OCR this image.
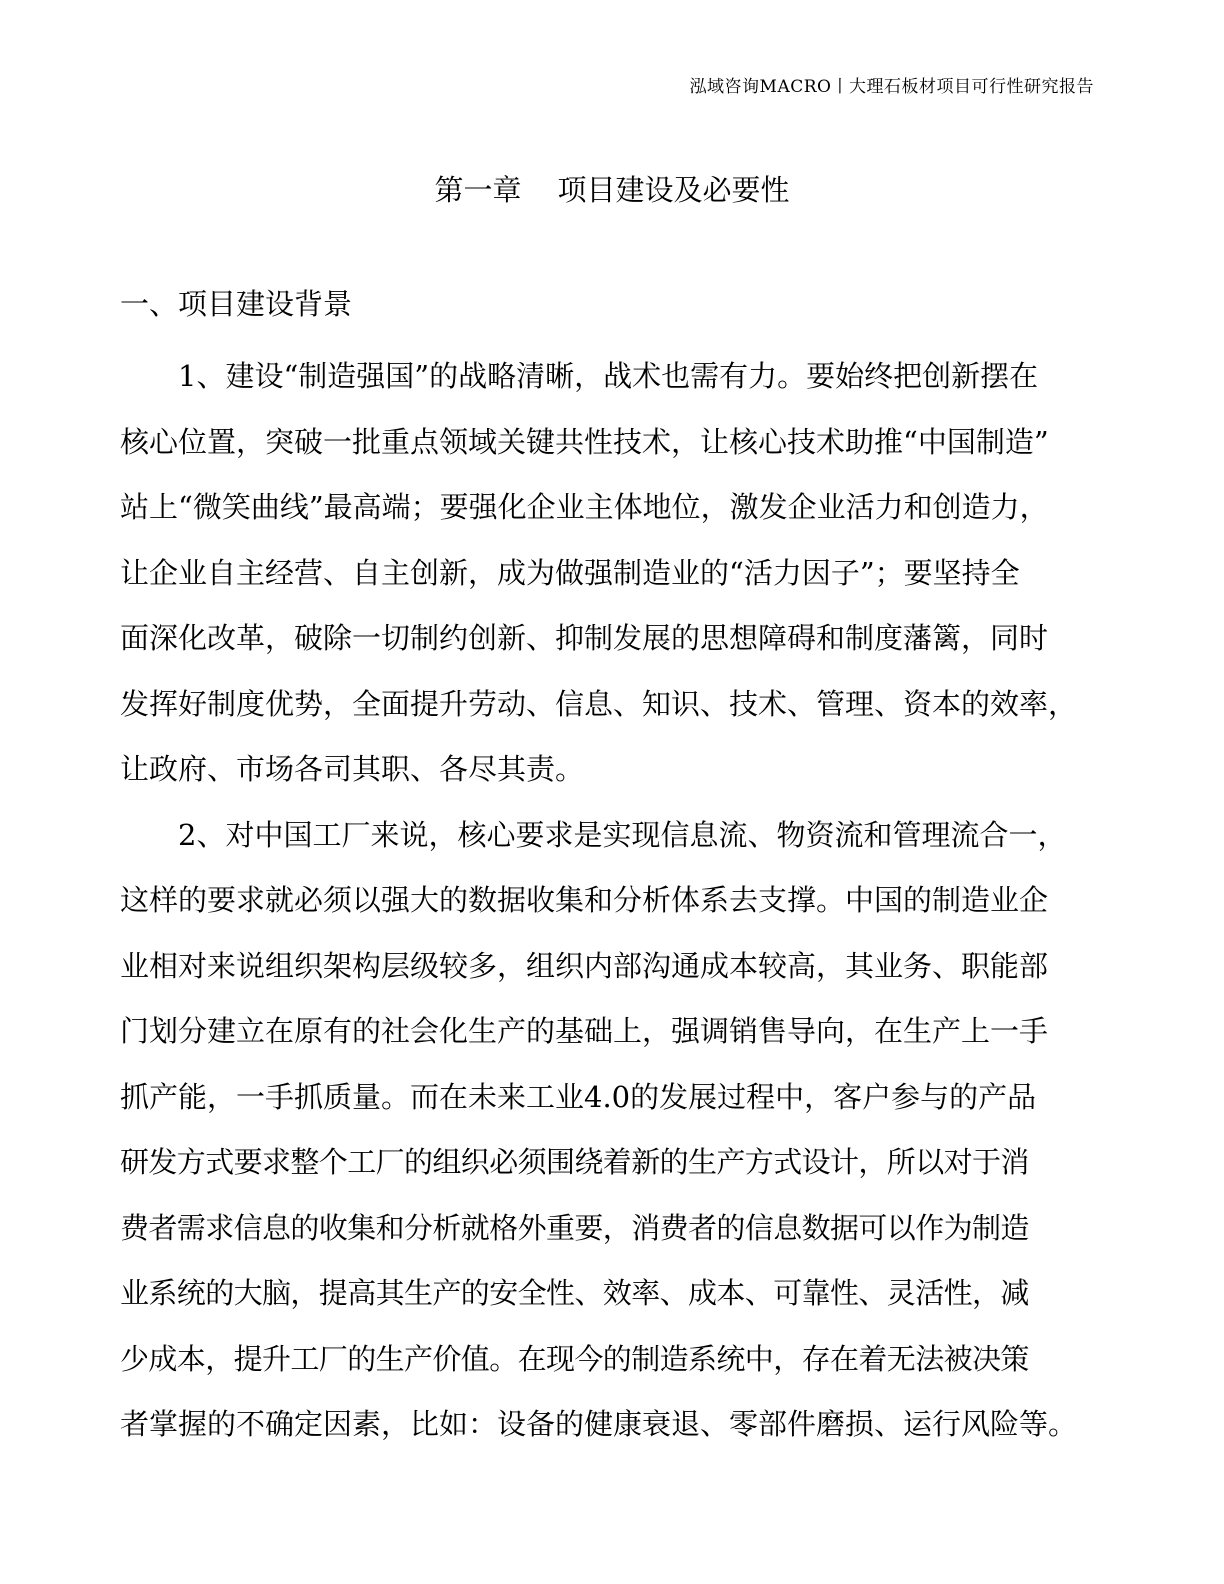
泓域咨询MACRO丨大理石板材项目可行性研究报告
第一章 项目建设及必要性
一、项目建设背景
1、建设“制造强国”的战略清晰，战术也需有力。要始终把创新摆在
核心位置，突破一批重点领域关键共性技术，让核心技术助推“中国制造”
站上“微笑曲线”最高端；要强化企业主体地位，激发企业活力和创造力，
让企业自主经营、自主创新，成为做强制造业的“活力因子”；要坚持全
面深化改革，破除一切制约创新、抑制发展的思想障碍和制度藩篱，同时
发挥好制度优势，全面提升劳动、信息、知识、技术、管理、资本的效率，
让政府、市场各司其职、各尽其责。
2、对中国工厂来说，核心要求是实现信息流、物资流和管理流合一，
这样的要求就必须以强大的数据收集和分析体系去支撑。中国的制造业企
业相对来说组织架构层级较多，组织内部沟通成本较高，其业务、职能部
门划分建立在原有的社会化生产的基础上，强调销售导向，在生产上一手
抓产能，一手抓质量。而在未来工业4.0的发展过程中，客户参与的产品
研发方式要求整个工厂的组织必须围绕着新的生产方式设计，所以对于消
费者需求信息的收集和分析就格外重要，消费者的信息数据可以作为制造
业系统的大脑，提高其生产的安全性、效率、成本、可靠性、灵活性，减
少成本，提升工厂的生产价值。在现今的制造系统中，存在着无法被决策
者掌握的不确定因素，比如：设备的健康衰退、零部件磨损、运行风险等。
